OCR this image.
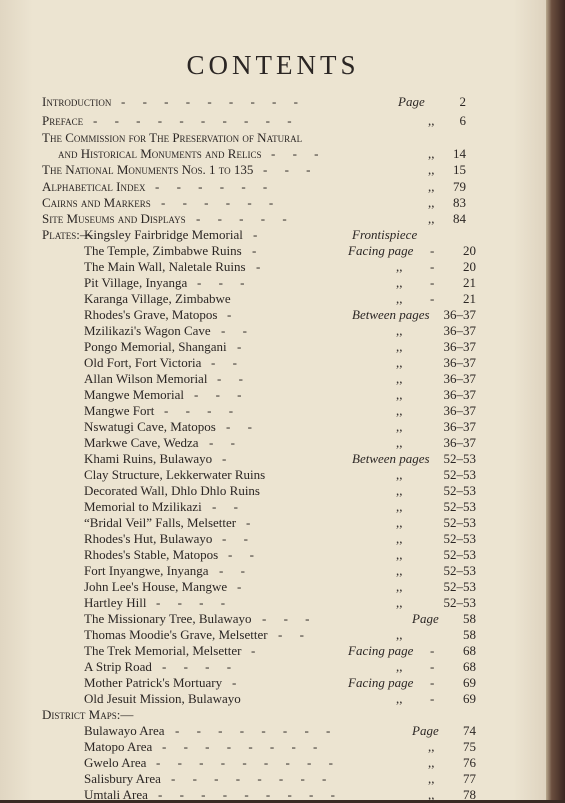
CONTENTS
Introduction - - - - - - - - -	Page	2
Preface - - - - - - - - - -	,,	6
The Commission for The Preservation of Natural
and Historical Monuments and Relics - - -	,,	14
The National Monuments Nos. 1 to 135 - - -	,,	15
Alphabetical Index - - - - - -	,,	79
Cairns and Markers - - - - - -	,,	83
Site Museums and Displays - - - - -	,,	84
Plates:—
Kingsley Fairbridge Memorial -	Frontispiece
The Temple, Zimbabwe Ruins -	Facing page -	20
The Main Wall, Naletale Ruins -	,, -	20
Pit Village, Inyanga - - -	,, -	21
Karanga Village, Zimbabwe	,, -	21
Rhodes's Grave, Matopos -	Between pages	36–37
Mzilikazi's Wagon Cave - -	,,	36–37
Pongo Memorial, Shangani -	,,	36–37
Old Fort, Fort Victoria - -	,,	36–37
Allan Wilson Memorial - -	,,	36–37
Mangwe Memorial - - -	,,	36–37
Mangwe Fort - - - -	,,	36–37
Nswatugi Cave, Matopos - -	,,	36–37
Markwe Cave, Wedza - -	,,	36–37
Khami Ruins, Bulawayo -	Between pages	52–53
Clay Structure, Lekkerwater Ruins	,,	52–53
Decorated Wall, Dhlo Dhlo Ruins	,,	52–53
Memorial to Mzilikazi - -	,,	52–53
“Bridal Veil” Falls, Melsetter -	,,	52–53
Rhodes's Hut, Bulawayo - -	,,	52–53
Rhodes's Stable, Matopos - -	,,	52–53
Fort Inyangwe, Inyanga - -	,,	52–53
John Lee's House, Mangwe -	,,	52–53
Hartley Hill - - - -	,,	52–53
The Missionary Tree, Bulawayo - - -	Page	58
Thomas Moodie's Grave, Melsetter - -	,,	58
The Trek Memorial, Melsetter -	Facing page -	68
A Strip Road - - - -	,, -	68
Mother Patrick's Mortuary -	Facing page -	69
Old Jesuit Mission, Bulawayo	,, -	69
District Maps:—
Bulawayo Area - - - - - - - -	Page	74
Matopo Area - - - - - - - -	,,	75
Gwelo Area - - - - - - - - -	,,	76
Salisbury Area - - - - - - - -	,,	77
Umtali Area - - - - - - - - -	,,	78
